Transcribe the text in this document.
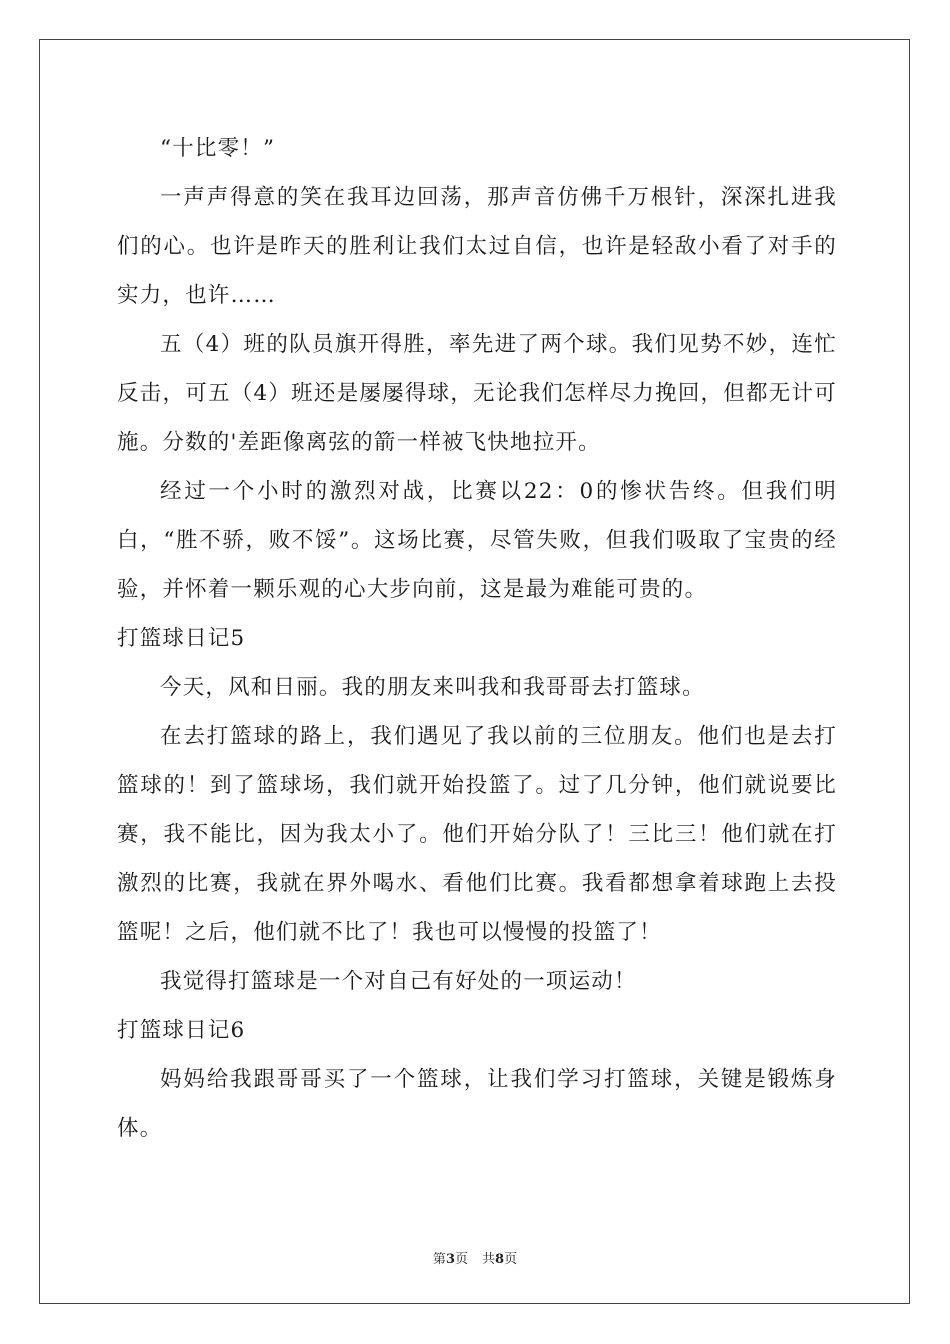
“十比零！”

一声声得意的笑在我耳边回荡，那声音仿佛千万根针，深深扎进我们的心。也许是昨天的胜利让我们太过自信，也许是轻敌小看了对手的实力，也许……

五（4）班的队员旗开得胜，率先进了两个球。我们见势不妙，连忙反击，可五（4）班还是屡屡得球，无论我们怎样尽力挽回，但都无计可施。分数的'差距像离弦的箭一样被飞快地拉开。

经过一个小时的激烈对战，比赛以22：0的惨状告终。但我们明白，“胜不骄，败不馁”。这场比赛，尽管失败，但我们吸取了宝贵的经验，并怀着一颗乐观的心大步向前，这是最为难能可贵的。

打篮球日记5

今天，风和日丽。我的朋友来叫我和我哥哥去打篮球。

在去打篮球的路上，我们遇见了我以前的三位朋友。他们也是去打篮球的！到了篮球场，我们就开始投篮了。过了几分钟，他们就说要比赛，我不能比，因为我太小了。他们开始分队了！三比三！他们就在打激烈的比赛，我就在界外喝水、看他们比赛。我看都想拿着球跑上去投篮呢！之后，他们就不比了！我也可以慢慢的投篮了！

我觉得打篮球是一个对自己有好处的一项运动！

打篮球日记6

妈妈给我跟哥哥买了一个篮球，让我们学习打篮球，关键是锻炼身体。

第3页 共8页
